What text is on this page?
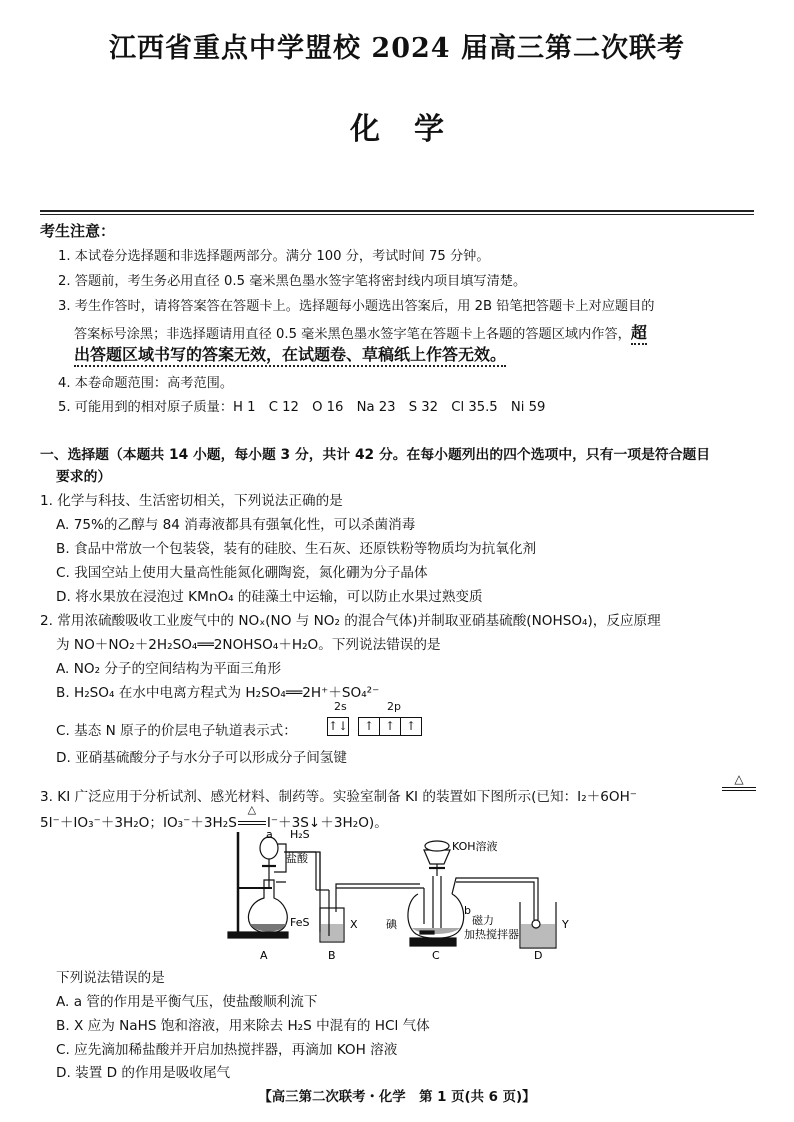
江西省重点中学盟校 2024 届高三第二次联考
化学
考生注意：
1. 本试卷分选择题和非选择题两部分。满分 100 分，考试时间 75 分钟。
2. 答题前，考生务必用直径 0.5 毫米黑色墨水签字笔将密封线内项目填写清楚。
3. 考生作答时，请将答案答在答题卡上。选择题每小题选出答案后，用 2B 铅笔把答题卡上对应题目的
答案标号涂黑；非选择题请用直径 0.5 毫米黑色墨水签字笔在答题卡上各题的答题区域内作答，超
出答题区域书写的答案无效，在试题卷、草稿纸上作答无效。
4. 本卷命题范围：高考范围。
5. 可能用到的相对原子质量：H 1　C 12　O 16　Na 23　S 32　Cl 35.5　Ni 59
一、选择题（本题共 14 小题，每小题 3 分，共计 42 分。在每小题列出的四个选项中，只有一项是符合题目
要求的）
1. 化学与科技、生活密切相关，下列说法正确的是
A. 75%的乙醇与 84 消毒液都具有强氧化性，可以杀菌消毒
B. 食品中常放一个包装袋，装有的硅胶、生石灰、还原铁粉等物质均为抗氧化剂
C. 我国空站上使用大量高性能氮化硼陶瓷，氮化硼为分子晶体
D. 将水果放在浸泡过 KMnO₄ 的硅藻土中运输，可以防止水果过熟变质
2. 常用浓硫酸吸收工业废气中的 NOₓ(NO 与 NO₂ 的混合气体)并制取亚硝基硫酸(NOHSO₄)，反应原理
为 NO＋NO₂＋2H₂SO₄══2NOHSO₄＋H₂O。下列说法错误的是
A. NO₂ 分子的空间结构为平面三角形
B. H₂SO₄ 在水中电离方程式为 H₂SO₄══2H⁺＋SO₄²⁻
C. 基态 N 原子的价层电子轨道表示式：
2s	2p
↑↓ ↑ ↑ ↑
D. 亚硝基硫酸分子与水分子可以形成分子间氢键
3. KI 广泛应用于分析试剂、感光材料、制药等。实验室制备 KI 的装置如下图所示(已知：I₂＋6OH⁻
△
5I⁻＋IO₃⁻＋3H₂O；IO₃⁻＋3H₂S
△
I⁻＋3S↓＋3H₂O)。
a H₂S
盐酸
FeS	X
KOH溶液
碘
b
磁力
加热搅拌器
Y
A	B	C	D
下列说法错误的是
A. a 管的作用是平衡气压，使盐酸顺利流下
B. X 应为 NaHS 饱和溶液，用来除去 H₂S 中混有的 HCl 气体
C. 应先滴加稀盐酸并开启加热搅拌器，再滴加 KOH 溶液
D. 装置 D 的作用是吸收尾气
【高三第二次联考・化学　第 1 页(共 6 页)】
